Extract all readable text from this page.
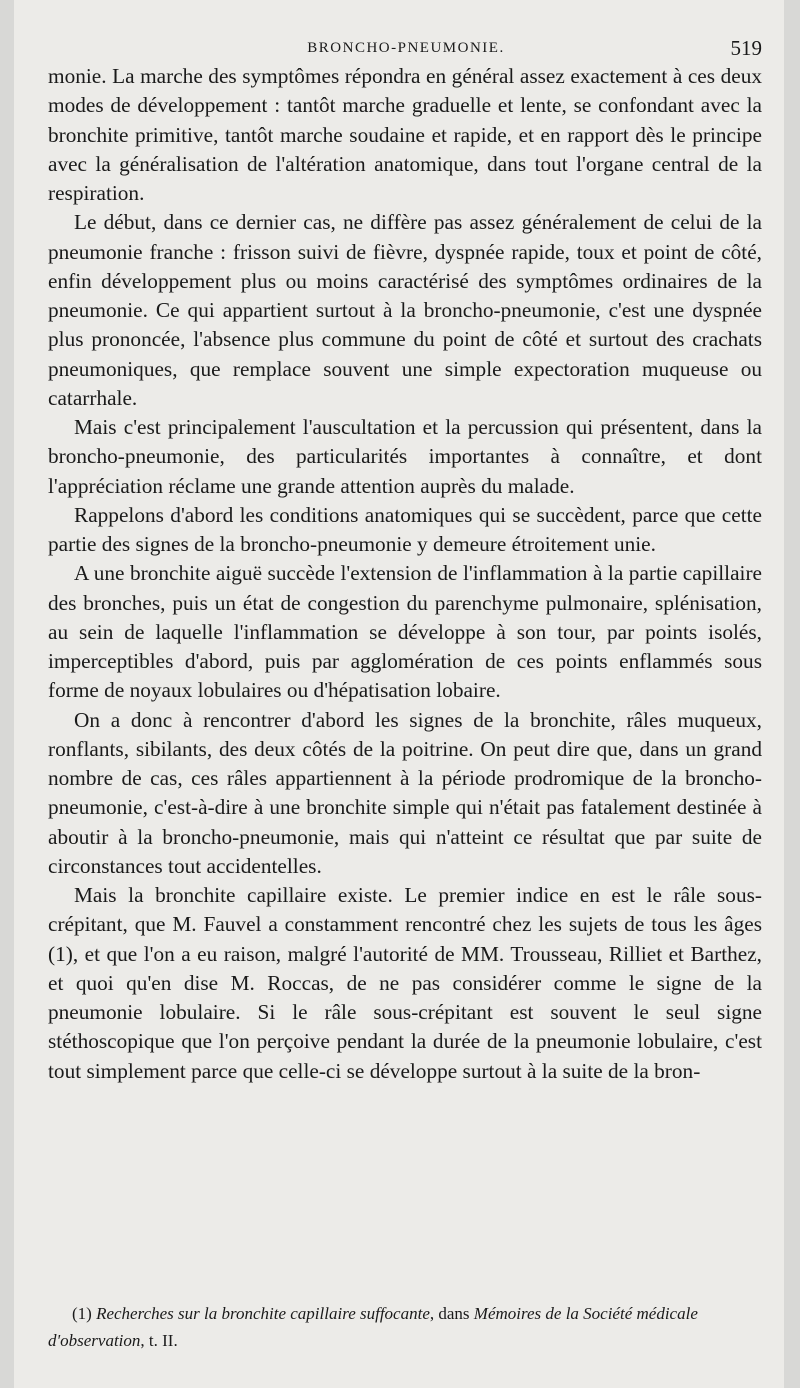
BRONCHO-PNEUMONIE.	519

monie. La marche des symptômes répondra en général assez exactement à ces deux modes de développement : tantôt marche graduelle et lente, se confondant avec la bronchite primitive, tantôt marche soudaine et rapide, et en rapport dès le principe avec la généralisation de l'altération anatomique, dans tout l'organe central de la respiration.

Le début, dans ce dernier cas, ne diffère pas assez généralement de celui de la pneumonie franche : frisson suivi de fièvre, dyspnée rapide, toux et point de côté, enfin développement plus ou moins caractérisé des symptômes ordinaires de la pneumonie. Ce qui appartient surtout à la broncho-pneumonie, c'est une dyspnée plus prononcée, l'absence plus commune du point de côté et surtout des crachats pneumoniques, que remplace souvent une simple expectoration muqueuse ou catarrhale.

Mais c'est principalement l'auscultation et la percussion qui présentent, dans la broncho-pneumonie, des particularités importantes à connaître, et dont l'appréciation réclame une grande attention auprès du malade.

Rappelons d'abord les conditions anatomiques qui se succèdent, parce que cette partie des signes de la broncho-pneumonie y demeure étroitement unie.

A une bronchite aiguë succède l'extension de l'inflammation à la partie capillaire des bronches, puis un état de congestion du parenchyme pulmonaire, splénisation, au sein de laquelle l'inflammation se développe à son tour, par points isolés, imperceptibles d'abord, puis par agglomération de ces points enflammés sous forme de noyaux lobulaires ou d'hépatisation lobaire.

On a donc à rencontrer d'abord les signes de la bronchite, râles muqueux, ronflants, sibilants, des deux côtés de la poitrine. On peut dire que, dans un grand nombre de cas, ces râles appartiennent à la période prodromique de la broncho-pneumonie, c'est-à-dire à une bronchite simple qui n'était pas fatalement destinée à aboutir à la broncho-pneumonie, mais qui n'atteint ce résultat que par suite de circonstances tout accidentelles.

Mais la bronchite capillaire existe. Le premier indice en est le râle sous-crépitant, que M. Fauvel a constamment rencontré chez les sujets de tous les âges (1), et que l'on a eu raison, malgré l'autorité de MM. Trousseau, Rilliet et Barthez, et quoi qu'en dise M. Roccas, de ne pas considérer comme le signe de la pneumonie lobulaire. Si le râle sous-crépitant est souvent le seul signe stéthoscopique que l'on perçoive pendant la durée de la pneumonie lobulaire, c'est tout simplement parce que celle-ci se développe surtout à la suite de la bron-

(1) Recherches sur la bronchite capillaire suffocante, dans Mémoires de la Société médicale d'observation, t. II.
